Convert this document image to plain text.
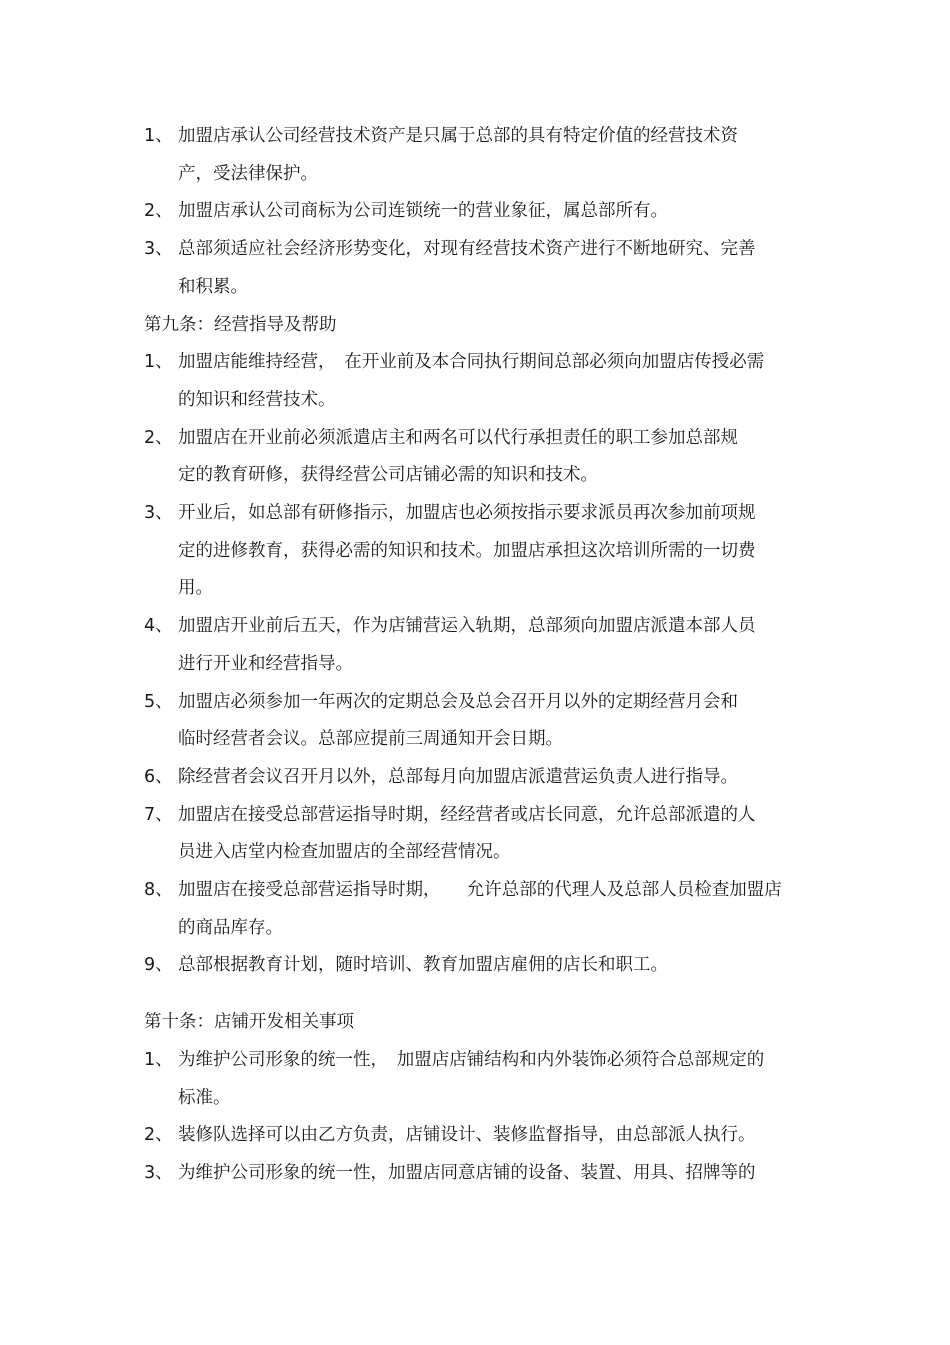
1、 加盟店承认公司经营技术资产是只属于总部的具有特定价值的经营技术资
产，受法律保护。
2、 加盟店承认公司商标为公司连锁统一的营业象征，属总部所有。
3、 总部须适应社会经济形势变化，对现有经营技术资产进行不断地研究、完善
和积累。
第九条：经营指导及帮助
1、 加盟店能维持经营，　在开业前及本合同执行期间总部必须向加盟店传授必需
的知识和经营技术。
2、 加盟店在开业前必须派遣店主和两名可以代行承担责任的职工参加总部规
定的教育研修，获得经营公司店铺必需的知识和技术。
3、 开业后，如总部有研修指示，加盟店也必须按指示要求派员再次参加前项规
定的进修教育，获得必需的知识和技术。加盟店承担这次培训所需的一切费
用。
4、 加盟店开业前后五天，作为店铺营运入轨期，总部须向加盟店派遣本部人员
进行开业和经营指导。
5、 加盟店必须参加一年两次的定期总会及总会召开月以外的定期经营月会和
临时经营者会议。总部应提前三周通知开会日期。
6、 除经营者会议召开月以外，总部每月向加盟店派遣营运负责人进行指导。
7、 加盟店在接受总部营运指导时期，经经营者或店长同意，允许总部派遣的人
员进入店堂内检查加盟店的全部经营情况。
8、 加盟店在接受总部营运指导时期，　　允许总部的代理人及总部人员检查加盟店
的商品库存。
9、 总部根据教育计划，随时培训、教育加盟店雇佣的店长和职工。
第十条：店铺开发相关事项
1、 为维护公司形象的统一性，　加盟店店铺结构和内外装饰必须符合总部规定的
标准。
2、 装修队选择可以由乙方负责，店铺设计、装修监督指导，由总部派人执行。
3、 为维护公司形象的统一性，加盟店同意店铺的设备、装置、用具、招牌等的
